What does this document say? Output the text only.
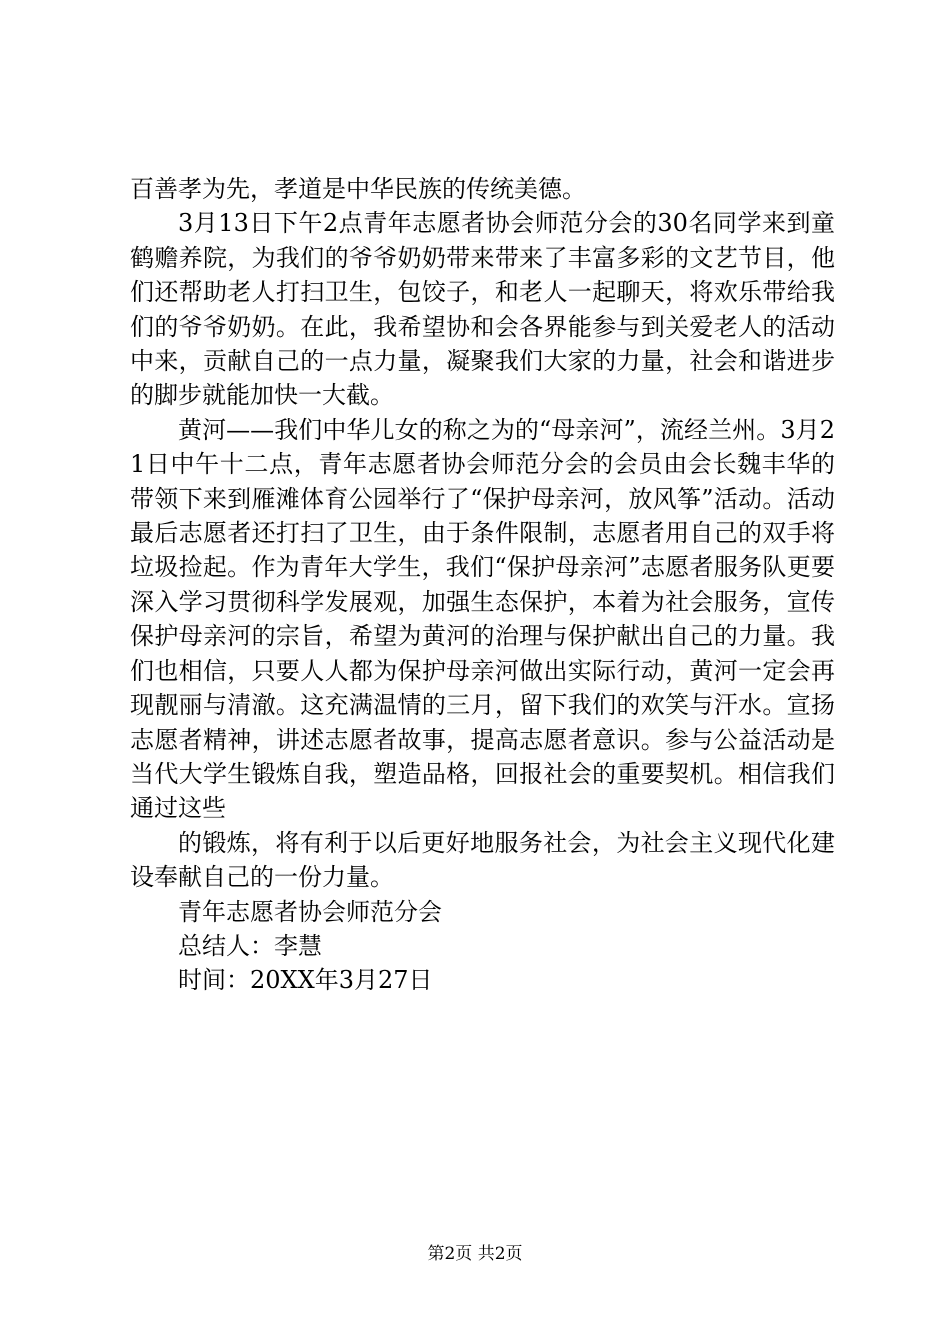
百善孝为先，孝道是中华民族的传统美德。

3月13日下午2点青年志愿者协会师范分会的30名同学来到童鹤赡养院，为我们的爷爷奶奶带来带来了丰富多彩的文艺节目，他们还帮助老人打扫卫生，包饺子，和老人一起聊天，将欢乐带给我们的爷爷奶奶。在此，我希望协和会各界能参与到关爱老人的活动中来，贡献自己的一点力量，凝聚我们大家的力量，社会和谐进步的脚步就能加快一大截。

黄河——我们中华儿女的称之为的“母亲河”，流经兰州。3月21日中午十二点，青年志愿者协会师范分会的会员由会长魏丰华的带领下来到雁滩体育公园举行了“保护母亲河，放风筝”活动。活动最后志愿者还打扫了卫生，由于条件限制，志愿者用自己的双手将垃圾捡起。作为青年大学生，我们“保护母亲河”志愿者服务队更要深入学习贯彻科学发展观，加强生态保护，本着为社会服务，宣传保护母亲河的宗旨，希望为黄河的治理与保护献出自己的力量。我们也相信，只要人人都为保护母亲河做出实际行动，黄河一定会再现靓丽与清澈。这充满温情的三月，留下我们的欢笑与汗水。宣扬志愿者精神，讲述志愿者故事，提高志愿者意识。参与公益活动是当代大学生锻炼自我，塑造品格，回报社会的重要契机。相信我们通过这些

的锻炼，将有利于以后更好地服务社会，为社会主义现代化建设奉献自己的一份力量。

青年志愿者协会师范分会

总结人：李慧

时间：20XX年3月27日

第2页 共2页
